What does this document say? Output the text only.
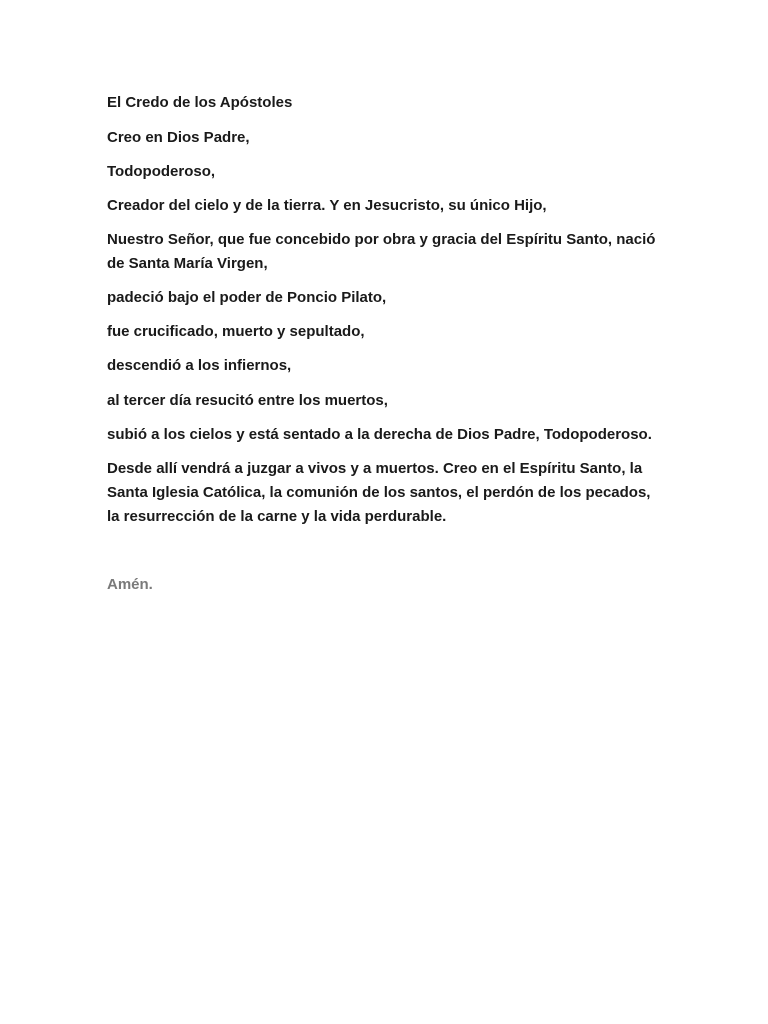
El Credo de los Apóstoles

Creo en Dios Padre,

Todopoderoso,

Creador del cielo y de la tierra. Y en Jesucristo, su único Hijo,

Nuestro Señor, que fue concebido por obra y gracia del Espíritu Santo, nació

de Santa María Virgen,

padeció bajo el poder de Poncio Pilato,

fue crucificado, muerto y sepultado,

descendió a los infiernos,

al tercer día resucitó entre los muertos,

subió a los cielos y está sentado a la derecha de Dios Padre, Todopoderoso.

Desde allí vendrá a juzgar a vivos y a muertos. Creo en el Espíritu Santo, la

Santa Iglesia Católica, la comunión de los santos, el perdón de los pecados,

la resurrección de la carne y la vida perdurable.

Amén.
